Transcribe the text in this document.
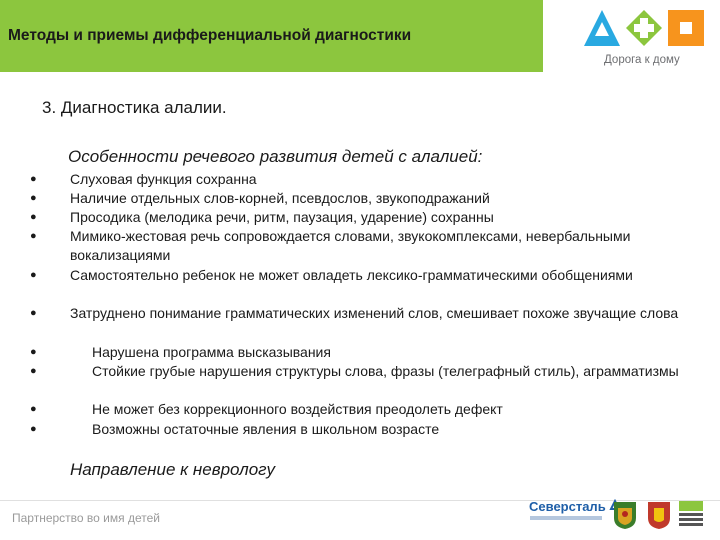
Методы и приемы дифференциальной диагностики
Дорога к дому
3. Диагностика алалии.
Особенности речевого развития детей с алалией:
● Слуховая функция сохранна
● Наличие отдельных слов-корней, псевдослов, звукоподражаний
● Просодика (мелодика речи, ритм, паузация, ударение) сохранны
● Мимико-жестовая речь сопровождается словами, звукокомплексами, невербальными вокализациями
● Самостоятельно ребенок не может овладеть лексико-грамматическими обобщениями
● Затруднено понимание грамматических изменений слов, смешивает похоже звучащие слова
●	Нарушена программа высказывания
●	Стойкие грубые нарушения структуры слова, фразы (телеграфный стиль), аграмматизмы
●	Не может без коррекционного воздействия преодолеть дефект
●	Возможны остаточные явления в школьном возрасте
Направление к неврологу
Партнерство во имя детей
Северсталь
